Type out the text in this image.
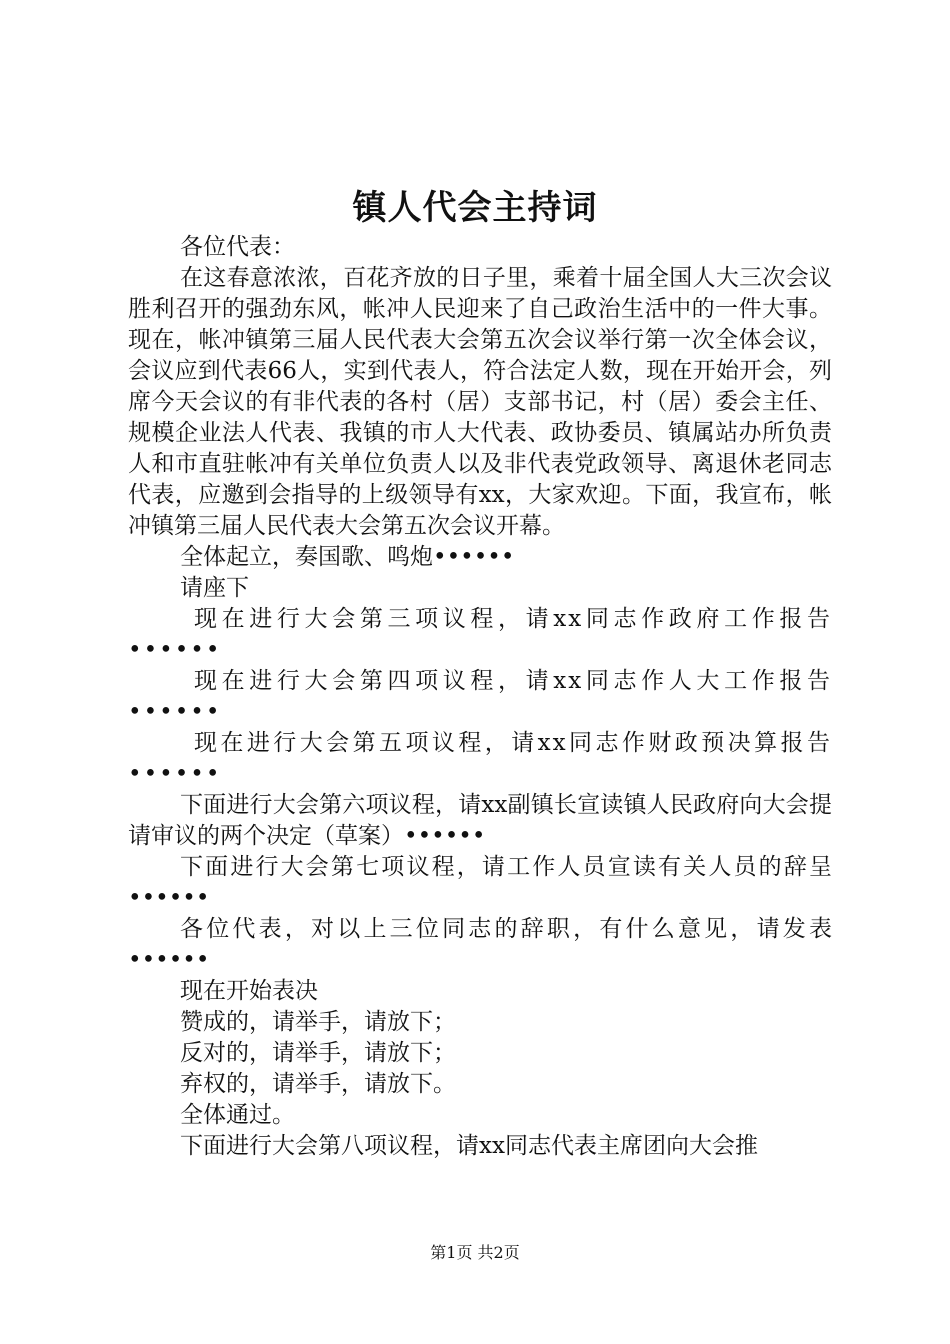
镇人代会主持词

各位代表：

在这春意浓浓，百花齐放的日子里，乘着十届全国人大三次会议胜利召开的强劲东风，帐冲人民迎来了自己政治生活中的一件大事。现在，帐冲镇第三届人民代表大会第五次会议举行第一次全体会议，会议应到代表66人，实到代表人，符合法定人数，现在开始开会，列席今天会议的有非代表的各村（居）支部书记，村（居）委会主任、规模企业法人代表、我镇的市人大代表、政协委员、镇属站办所负责人和市直驻帐冲有关单位负责人以及非代表党政领导、离退休老同志代表，应邀到会指导的上级领导有xx，大家欢迎。下面，我宣布，帐冲镇第三届人民代表大会第五次会议开幕。

全体起立，奏国歌、鸣炮••••••

请座下

现在进行大会第三项议程，请xx同志作政府工作报告••••••

现在进行大会第四项议程，请xx同志作人大工作报告••••••

现在进行大会第五项议程，请xx同志作财政预决算报告••••••

下面进行大会第六项议程，请xx副镇长宣读镇人民政府向大会提请审议的两个决定（草案）••••••

下面进行大会第七项议程，请工作人员宣读有关人员的辞呈••••••

各位代表，对以上三位同志的辞职，有什么意见，请发表••••••

现在开始表决

赞成的，请举手，请放下；

反对的，请举手，请放下；

弃权的，请举手，请放下。

全体通过。

下面进行大会第八项议程，请xx同志代表主席团向大会推

第1页 共2页
